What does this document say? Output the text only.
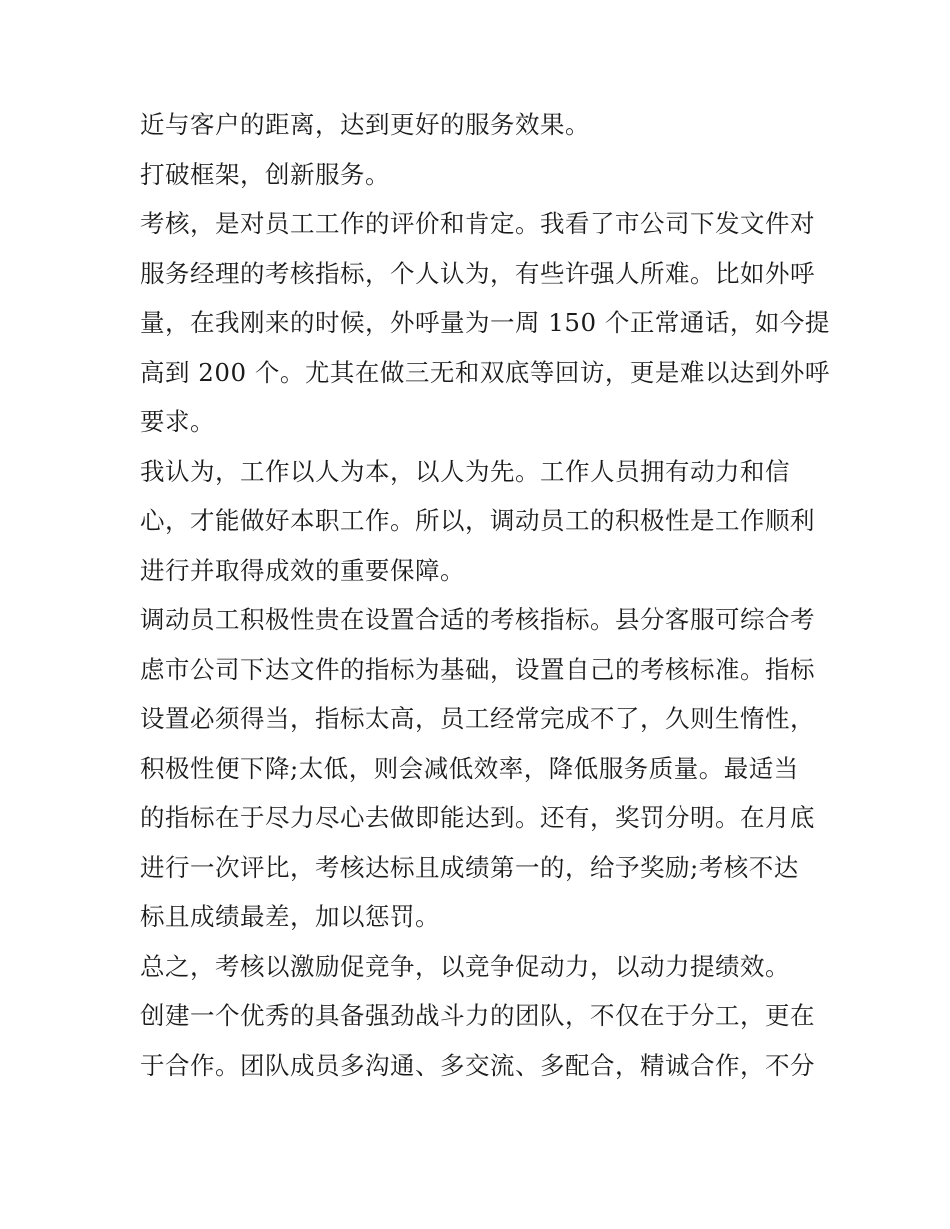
近与客户的距离，达到更好的服务效果。
打破框架，创新服务。
考核，是对员工工作的评价和肯定。我看了市公司下发文件对
服务经理的考核指标，个人认为，有些许强人所难。比如外呼
量，在我刚来的时候，外呼量为一周 150 个正常通话，如今提
高到 200 个。尤其在做三无和双底等回访，更是难以达到外呼
要求。
我认为，工作以人为本，以人为先。工作人员拥有动力和信
心，才能做好本职工作。所以，调动员工的积极性是工作顺利
进行并取得成效的重要保障。
调动员工积极性贵在设置合适的考核指标。县分客服可综合考
虑市公司下达文件的指标为基础，设置自己的考核标准。指标
设置必须得当，指标太高，员工经常完成不了，久则生惰性，
积极性便下降;太低，则会减低效率，降低服务质量。最适当
的指标在于尽力尽心去做即能达到。还有，奖罚分明。在月底
进行一次评比，考核达标且成绩第一的，给予奖励;考核不达
标且成绩最差，加以惩罚。
总之，考核以激励促竞争，以竞争促动力，以动力提绩效。
创建一个优秀的具备强劲战斗力的团队，不仅在于分工，更在
于合作。团队成员多沟通、多交流、多配合，精诚合作，不分
